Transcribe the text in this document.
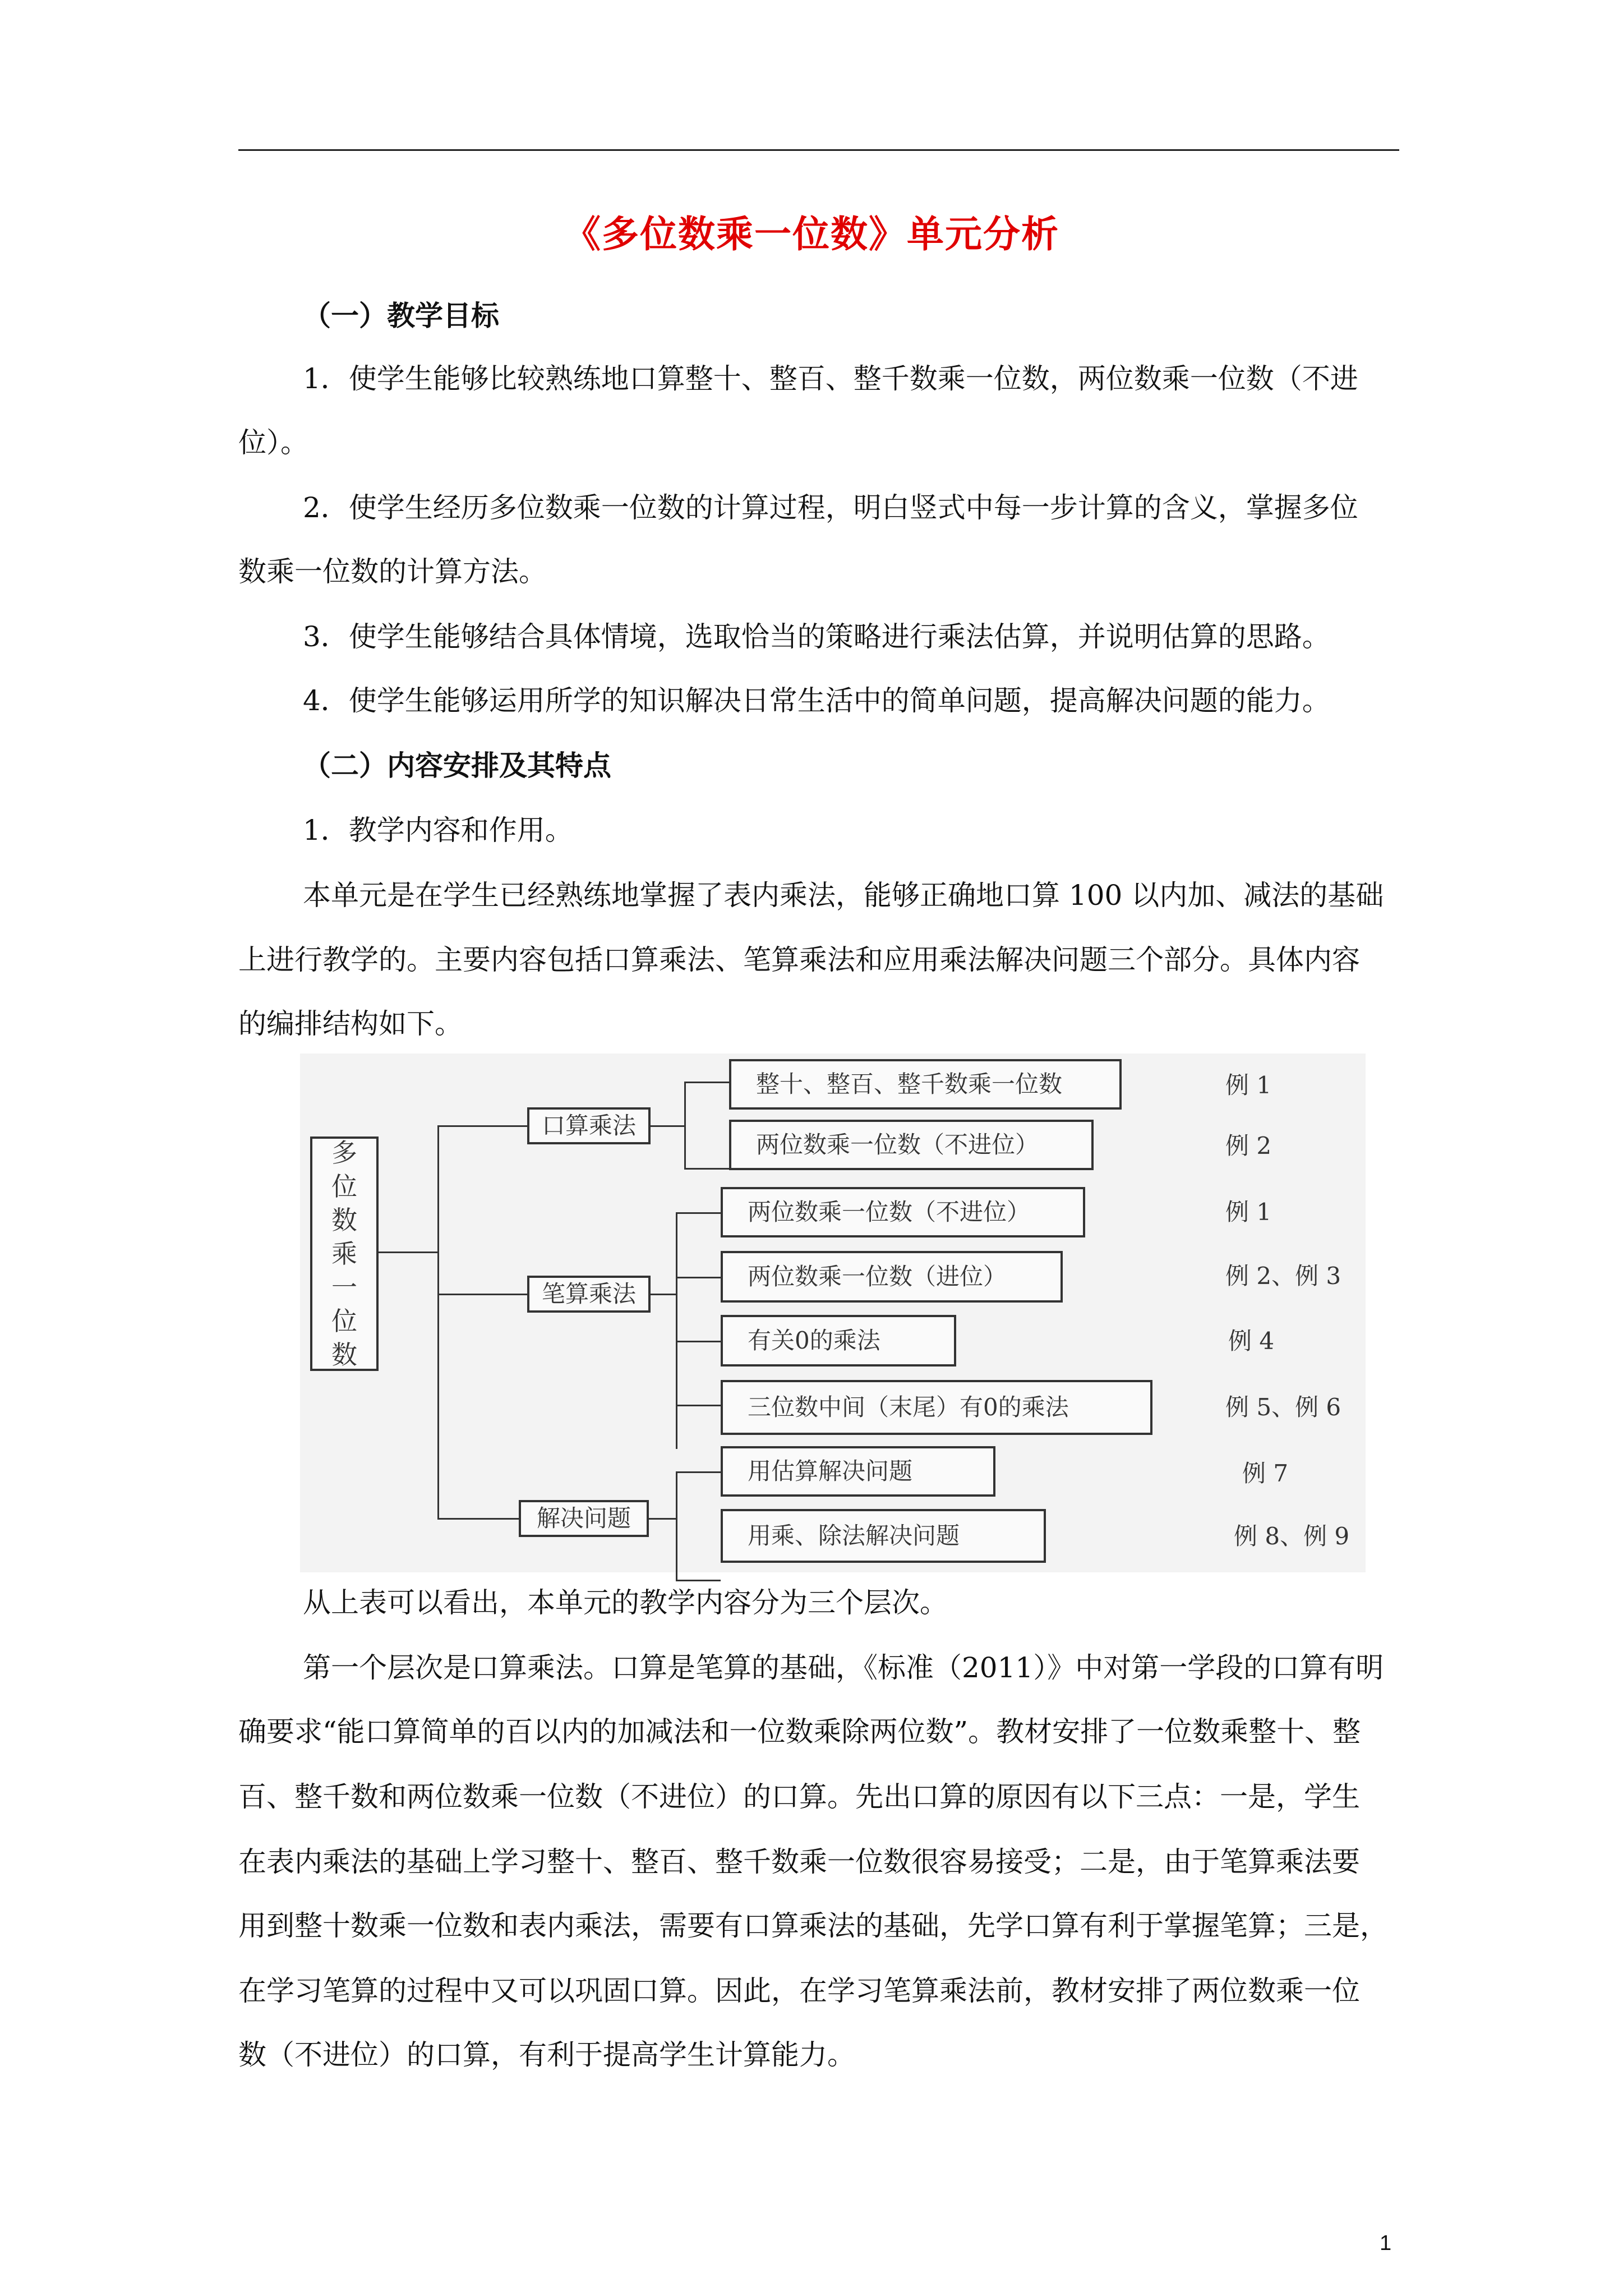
《多位数乘一位数》单元分析
（一）教学目标
1．使学生能够比较熟练地口算整十、整百、整千数乘一位数，两位数乘一位数（不进
位）。
2．使学生经历多位数乘一位数的计算过程，明白竖式中每一步计算的含义，掌握多位
数乘一位数的计算方法。
3．使学生能够结合具体情境，选取恰当的策略进行乘法估算，并说明估算的思路。
4．使学生能够运用所学的知识解决日常生活中的简单问题，提高解决问题的能力。
（二）内容安排及其特点
1．教学内容和作用。
本单元是在学生已经熟练地掌握了表内乘法，能够正确地口算 100 以内加、减法的基础
上进行教学的。主要内容包括口算乘法、笔算乘法和应用乘法解决问题三个部分。具体内容
的编排结构如下。
多
位
数
乘
一
位
数
口算乘法
笔算乘法
解决问题
整十、整百、整千数乘一位数
两位数乘一位数（不进位）
两位数乘一位数（不进位）
两位数乘一位数（进位）
有关0的乘法
三位数中间（末尾）有0的乘法
用估算解决问题
用乘、除法解决问题
例 1
例 2
例 1
例 2、例 3
例 4
例 5、例 6
例 7
例 8、例 9
从上表可以看出，本单元的教学内容分为三个层次。
第一个层次是口算乘法。口算是笔算的基础，《标准（2011）》中对第一学段的口算有明
确要求“能口算简单的百以内的加减法和一位数乘除两位数”。教材安排了一位数乘整十、整
百、整千数和两位数乘一位数（不进位）的口算。先出口算的原因有以下三点：一是，学生
在表内乘法的基础上学习整十、整百、整千数乘一位数很容易接受；二是，由于笔算乘法要
用到整十数乘一位数和表内乘法，需要有口算乘法的基础，先学口算有利于掌握笔算；三是，
在学习笔算的过程中又可以巩固口算。因此，在学习笔算乘法前，教材安排了两位数乘一位
数（不进位）的口算，有利于提高学生计算能力。
1
